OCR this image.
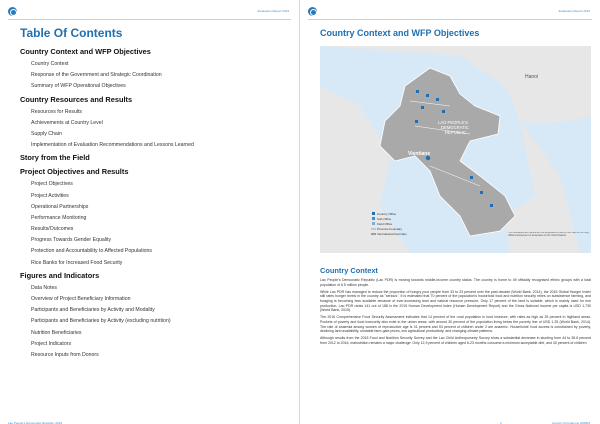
Evaluation Report 2019
Table Of Contents
Country Context and WFP Objectives
Country Context
Response of the Government and Strategic Coordination
Summary of WFP Operational Objectives
Country Resources and Results
Resources for Results
Achievements at Country Level
Supply Chain
Implementation of Evaluation Recommendations and Lessons Learned
Story from the Field
Project Objectives and Results
Project Objectives
Project Activities
Operational Partnerships
Performance Monitoring
Results/Outcomes
Progress Towards Gender Equality
Protection and Accountability to Affected Populations
Rice Banks for Increased Food Security
Figures and Indicators
Data Notes
Overview of Project Beneficiary Information
Participants and Beneficiaries by Activity and Modality
Participants and Beneficiaries by Activity (excluding nutrition)
Nutrition Beneficiaries
Project Indicators
Resource Inputs from Donors
Lao People's Democratic Republic, 2019
Evaluation Report 2019
Country Context and WFP Objectives
LAO PEOPLE'S
DEMOCRATIC
REPUBLIC
Vientiane
Hanoi
Country Office
Sub-Office
Field Office
Province boundary
International boundary	The boundaries and names and the designations used on this map do not imply official endorsement or acceptance by the United Nations.
Country Context

Lao People's Democratic Republic (Lao PDR) is moving towards middle-income country status. The country is home to 49 officially recognised ethnic groups with a total population of 6.5 million people.

While Lao PDR has managed to reduce the proportion of hungry poor people from 33 to 23 percent over the past decade (World Bank, 2014), the 2015 Global Hunger Index still rates hunger levels in the country as "serious". It is estimated that 70 percent of the population's household food and nutrition security relies on subsistence farming, and foraging is becoming less available because of ever-increasing land and natural resource pressure. Only 17 percent of the land is suitable, which is mainly used for rice production. Lao PDR ranks 141 out of 188 in the 2015 Human Development Index (Human Development Report) and the Gross National Income per capita is USD 1,730 (World Bank, 2015).

The 2016 Comprehensive Food Security Assessment indicates that 14 percent of the rural population is food insecure, with rates as high as 25 percent in highland areas. Pockets of poverty and food insecurity also exist in the urban areas, with around 30 percent of the population living below the poverty line of USD 1.25 (World Bank, 2014). The rate of anaemia among women of reproductive age is 31 percent and 53 percent of children under 2 are anaemic. Households' food access is constrained by poverty, declining land availability, unstable farm-gate prices, low agricultural productivity, and changing climate patterns.

Although results from the 2015 Food and Nutrition Security Survey and the Lao Child Anthropometry Survey show a substantial decrease in stunting from 44 to 35.6 percent from 2012 to 2016, malnutrition remains a major challenge. Only 12.9 percent of children aged 6-23 months consume a minimum acceptable diet, and 40 percent of children

2	Country Programme 200803
